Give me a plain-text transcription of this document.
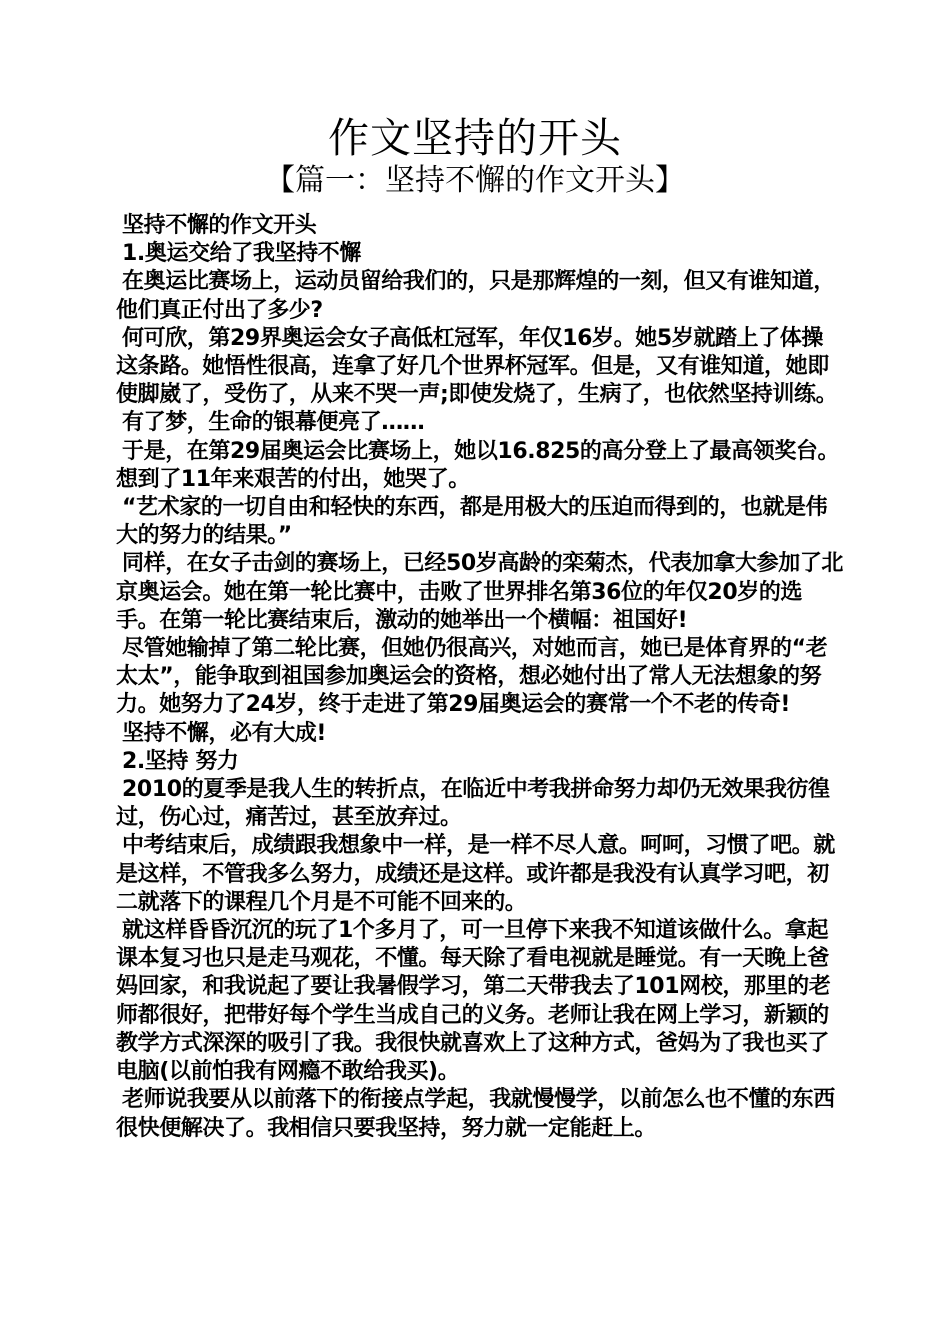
作文坚持的开头
【篇一：坚持不懈的作文开头】

坚持不懈的作文开头

1.奥运交给了我坚持不懈

在奥运比赛场上，运动员留给我们的，只是那辉煌的一刻，但又有谁知道，他们真正付出了多少?

何可欣，第29界奥运会女子高低杠冠军，年仅16岁。她5岁就踏上了体操这条路。她悟性很高，连拿了好几个世界杯冠军。但是，又有谁知道，她即使脚崴了，受伤了，从来不哭一声;即使发烧了，生病了，也依然坚持训练。

有了梦，生命的银幕便亮了……

于是，在第29届奥运会比赛场上，她以16.825的高分登上了最高领奖台。想到了11年来艰苦的付出，她哭了。

“艺术家的一切自由和轻快的东西，都是用极大的压迫而得到的，也就是伟大的努力的结果。”

同样，在女子击剑的赛场上，已经50岁高龄的栾菊杰，代表加拿大参加了北京奥运会。她在第一轮比赛中，击败了世界排名第36位的年仅20岁的选手。在第一轮比赛结束后，激动的她举出一个横幅：祖国好!

尽管她输掉了第二轮比赛，但她仍很高兴，对她而言，她已是体育界的“老太太”，能争取到祖国参加奥运会的资格，想必她付出了常人无法想象的努力。她努力了24岁，终于走进了第29届奥运会的赛常一个不老的传奇!

坚持不懈，必有大成!

2.坚持 努力

2010的夏季是我人生的转折点，在临近中考我拼命努力却仍无效果我彷徨过，伤心过，痛苦过，甚至放弃过。

中考结束后，成绩跟我想象中一样，是一样不尽人意。呵呵，习惯了吧。就是这样，不管我多么努力，成绩还是这样。或许都是我没有认真学习吧，初二就落下的课程几个月是不可能不回来的。

就这样昏昏沉沉的玩了1个多月了，可一旦停下来我不知道该做什么。拿起课本复习也只是走马观花，不懂。每天除了看电视就是睡觉。有一天晚上爸妈回家，和我说起了要让我暑假学习，第二天带我去了101网校，那里的老师都很好，把带好每个学生当成自己的义务。老师让我在网上学习，新颖的教学方式深深的吸引了我。我很快就喜欢上了这种方式，爸妈为了我也买了电脑(以前怕我有网瘾不敢给我买)。

老师说我要从以前落下的衔接点学起，我就慢慢学，以前怎么也不懂的东西很快便解决了。我相信只要我坚持，努力就一定能赶上。
